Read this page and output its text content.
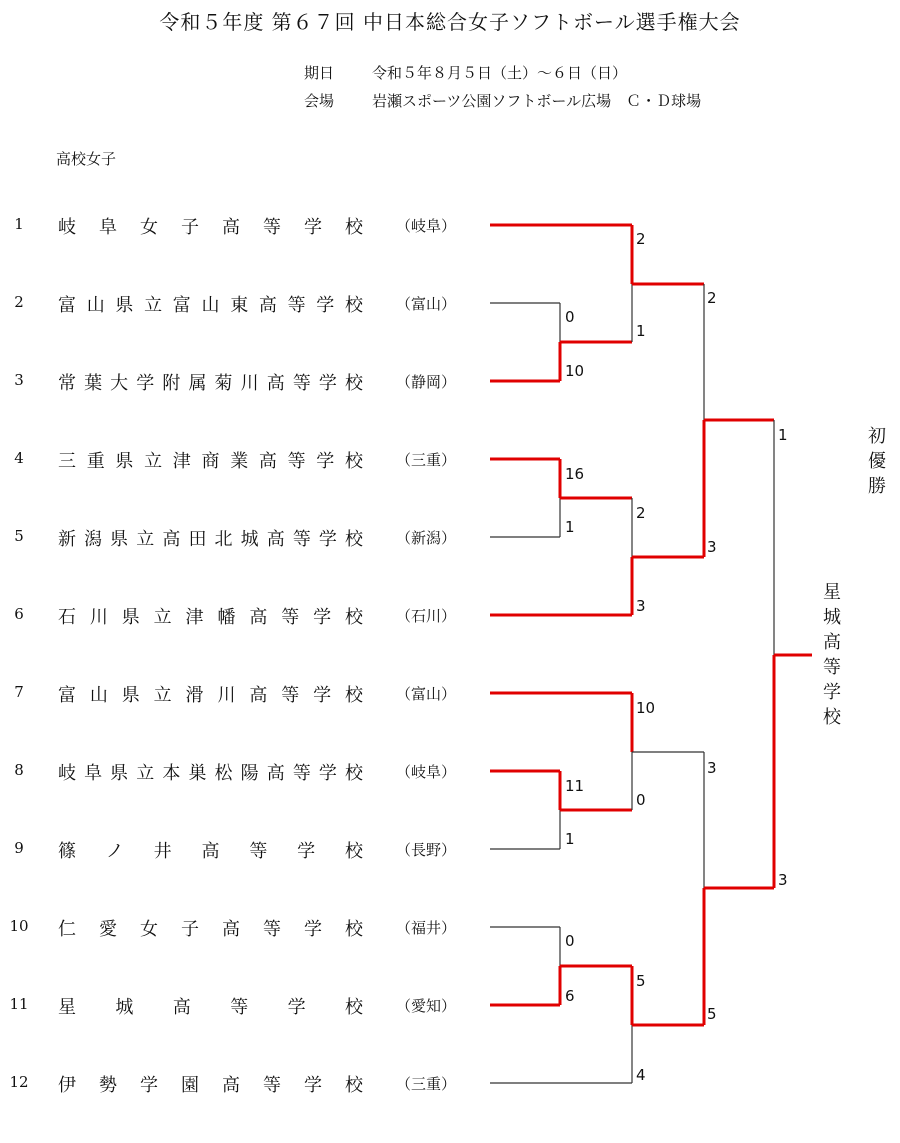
令和５年度 第６７回 中日本総合女子ソフトボール選手権大会
期日	令和５年８月５日（土）～６日（日）
会場	岩瀬スポーツ公園ソフトボール広場　Ｃ・Ｄ球場
高校女子
1	岐阜女子高等学校 （岐阜）
2	富山県立富山東高等学校 （富山）
3	常葉大学附属菊川高等学校 （静岡）
4	三重県立津商業高等学校 （三重）
5	新潟県立高田北城高等学校 （新潟）
6	石川県立津幡高等学校 （石川）
7	富山県立滑川高等学校 （富山）
8	岐阜県立本巣松陽高等学校 （岐阜）
9	篠ノ井高等学校 （長野）
10	仁愛女子高等学校 （福井）
11	星城高等学校 （愛知）
12	伊勢学園高等学校 （三重）
0
10
16
1
11
1
0
6
2
1
2
3
10
0
5
4
2
3
3
5
1
3
初優勝
星城高等学校
